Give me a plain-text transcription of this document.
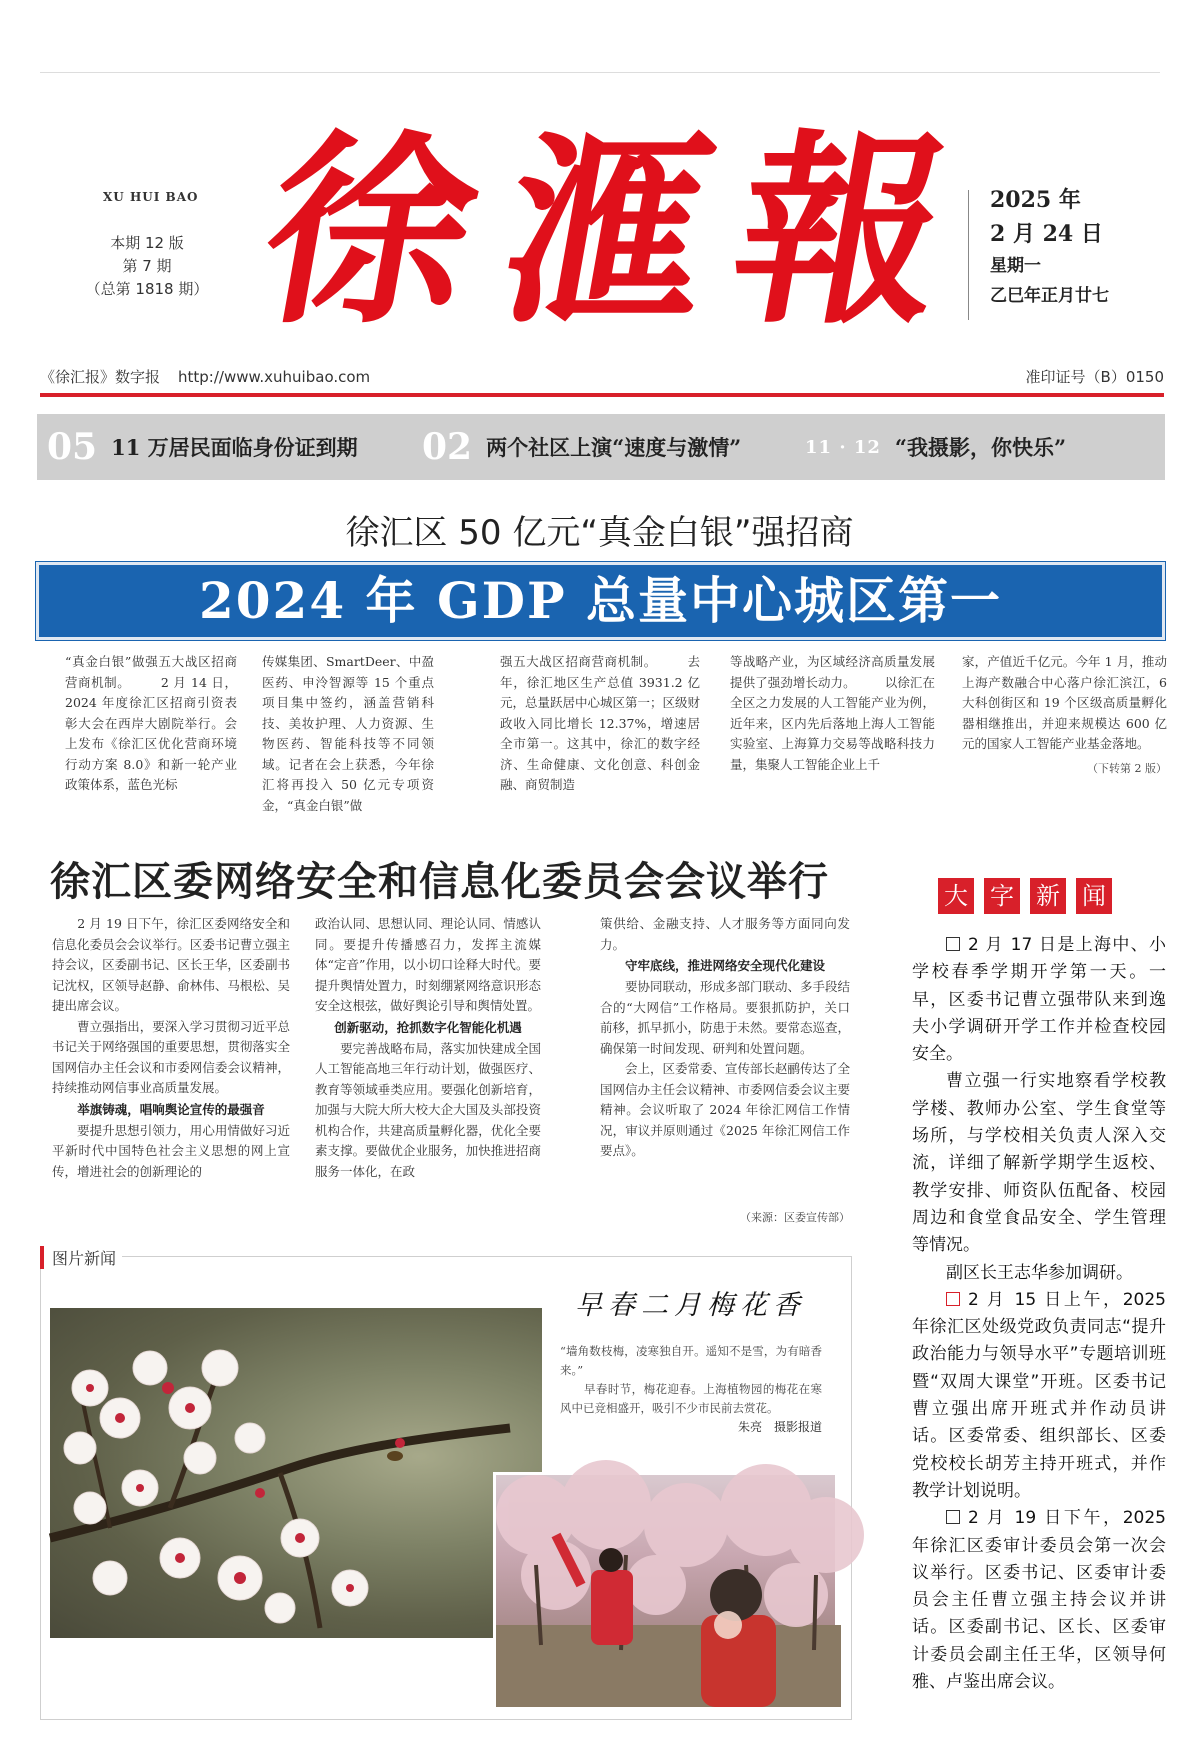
XU HUI BAO
本期 12 版
第 7 期
（总第 1818 期） 徐
滙
報 2025 年
2 月 24 日
星期一
乙巳年正月廿七
《徐汇报》数字报 http://www.xuhuibao.com	准印证号（B）0150
05 11 万居民面临身份证到期 02 两个社区上演“速度与激情”	11 · 12 “我摄影，你快乐”
徐汇区 50 亿元“真金白银”强招商
2024 年 GDP 总量中心城区第一
“真金白银”做强五大战区招商营商机制。 　　2 月 14 日，2024 年度徐汇区招商引资表彰大会在西岸大剧院举行。会上发布《徐汇区优化营商环境行动方案 8.0》和新一轮产业政策体系，蓝色光标
传媒集团、SmartDeer、中盈医药、申泠智源等 15 个重点项目集中签约，涵盖营销科技、美妆护理、人力资源、生物医药、智能科技等不同领域。记者在会上获悉，今年徐汇将再投入 50 亿元专项资金，“真金白银”做
强五大战区招商营商机制。 　　去年，徐汇地区生产总值 3931.2 亿元，总量跃居中心城区第一；区级财政收入同比增长 12.37%，增速居全市第一。这其中，徐汇的数字经济、生命健康、文化创意、科创金融、商贸制造
等战略产业，为区域经济高质量发展提供了强劲增长动力。 　　以徐汇在全区之力发展的人工智能产业为例，近年来，区内先后落地上海人工智能实验室、上海算力交易等战略科技力量，集聚人工智能企业上千
家，产值近千亿元。今年 1 月，推动上海产数融合中心落户徐汇滨江，6 大科创街区和 19 个区级高质量孵化器相继推出，并迎来规模达 600 亿元的国家人工智能产业基金落地。
（下转第 2 版）
徐汇区委网络安全和信息化委员会会议举行
　　2 月 19 日下午，徐汇区委网络安全和信息化委员会会议举行。区委书记曹立强主持会议，区委副书记、区长王华，区委副书记沈权，区领导赵静、俞林伟、马根松、吴捷出席会议。
　　曹立强指出，要深入学习贯彻习近平总书记关于网络强国的重要思想，贯彻落实全国网信办主任会议和市委网信委会议精神，持续推动网信事业高质量发展。
举旗铸魂，唱响舆论宣传的最强音
　　要提升思想引领力，用心用情做好习近平新时代中国特色社会主义思想的网上宣传，增进社会的创新理论的
政治认同、思想认同、理论认同、情感认同。要提升传播感召力，发挥主流媒体“定音”作用，以小切口诠释大时代。要提升舆情处置力，时刻绷紧网络意识形态安全这根弦，做好舆论引导和舆情处置。
创新驱动，抢抓数字化智能化机遇
　　要完善战略布局，落实加快建成全国人工智能高地三年行动计划，做强医疗、教育等领域垂类应用。要强化创新培育，加强与大院大所大校大企大国及头部投资机构合作，共建高质量孵化器，优化全要素支撑。要做优企业服务，加快推进招商服务一体化，在政
策供给、金融支持、人才服务等方面同向发力。
守牢底线，推进网络安全现代化建设
　　要协同联动，形成多部门联动、多手段结合的“大网信”工作格局。要狠抓防护，关口前移，抓早抓小，防患于未然。要常态巡查，确保第一时间发现、研判和处置问题。
　　会上，区委常委、宣传部长赵鹂传达了全国网信办主任会议精神、市委网信委会议主要精神。会议听取了 2024 年徐汇网信工作情况，审议并原则通过《2025 年徐汇网信工作要点》。
（来源：区委宣传部）
大 字 新 闻

2 月 17 日是上海中、小学校春季学期开学第一天。一早，区委书记曹立强带队来到逸夫小学调研开学工作并检查校园安全。

曹立强一行实地察看学校教学楼、教师办公室、学生食堂等场所，与学校相关负责人深入交流，详细了解新学期学生返校、教学安排、师资队伍配备、校园周边和食堂食品安全、学生管理等情况。

副区长王志华参加调研。

2 月 15 日上午，2025 年徐汇区处级党政负责同志“提升政治能力与领导水平”专题培训班暨“双周大课堂”开班。区委书记曹立强出席开班式并作动员讲话。区委常委、组织部长、区委党校校长胡芳主持开班式，并作教学计划说明。

2 月 19 日下午，2025 年徐汇区委审计委员会第一次会议举行。区委书记、区委审计委员会主任曹立强主持会议并讲话。区委副书记、区长、区委审计委员会副主任王华，区领导何雅、卢鉴出席会议。

图片新闻
早春二月梅花香
“墙角数枝梅，凌寒独自开。遥知不是雪，为有暗香来。”
早春时节，梅花迎春。上海植物园的梅花在寒风中已竞相盛开，吸引不少市民前去赏花。
朱亮　摄影报道
